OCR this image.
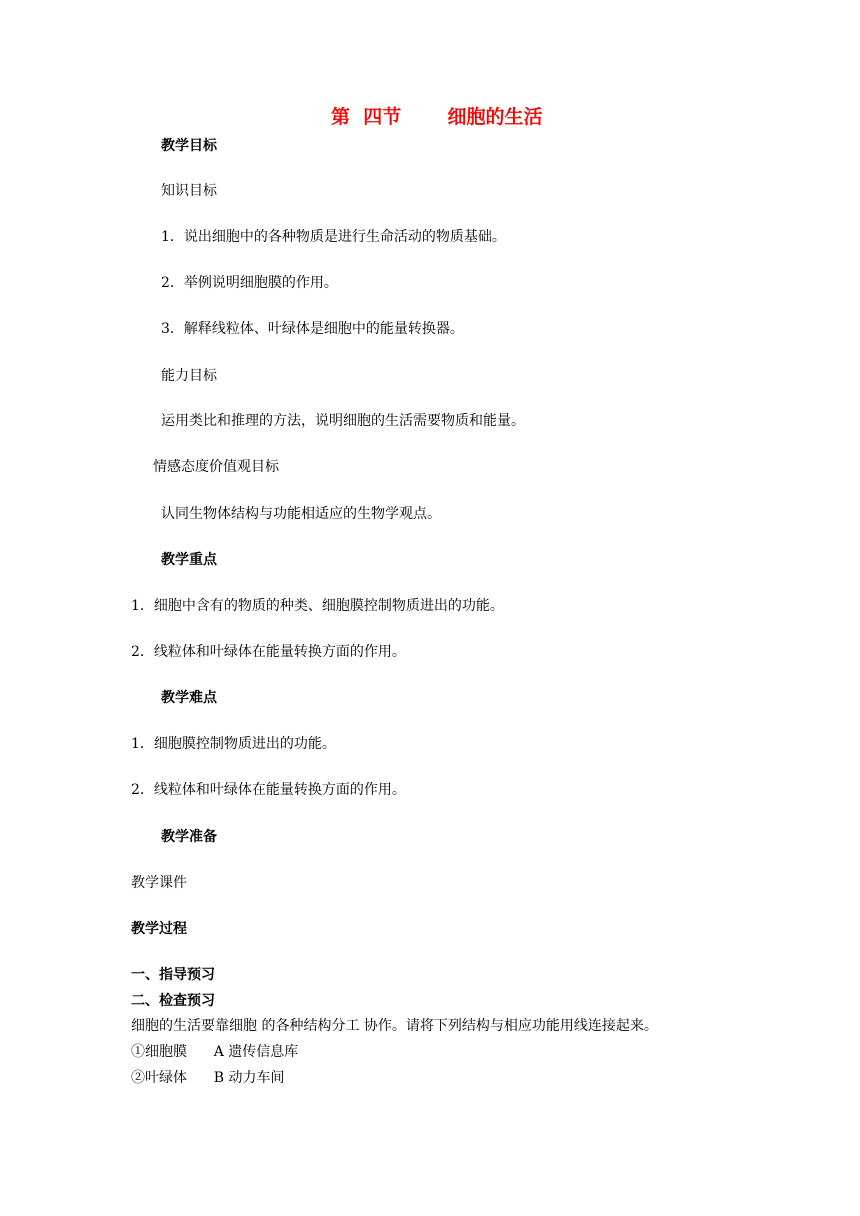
第  四节       细胞的生活
教学目标
知识目标
1．说出细胞中的各种物质是进行生命活动的物质基础。
2．举例说明细胞膜的作用。
3．解释线粒体、叶绿体是细胞中的能量转换器。
能力目标
运用类比和推理的方法，说明细胞的生活需要物质和能量。
情感态度价值观目标
认同生物体结构与功能相适应的生物学观点。
教学重点
1．细胞中含有的物质的种类、细胞膜控制物质进出的功能。
2．线粒体和叶绿体在能量转换方面的作用。
教学难点
1．细胞膜控制物质进出的功能。
2．线粒体和叶绿体在能量转换方面的作用。
教学准备
教学课件
教学过程
一、指导预习
二、检查预习
细胞的生活要靠细胞 的各种结构分工 协作。请将下列结构与相应功能用线连接起来。
①细胞膜      A 遗传信息库
②叶绿体      B 动力车间
